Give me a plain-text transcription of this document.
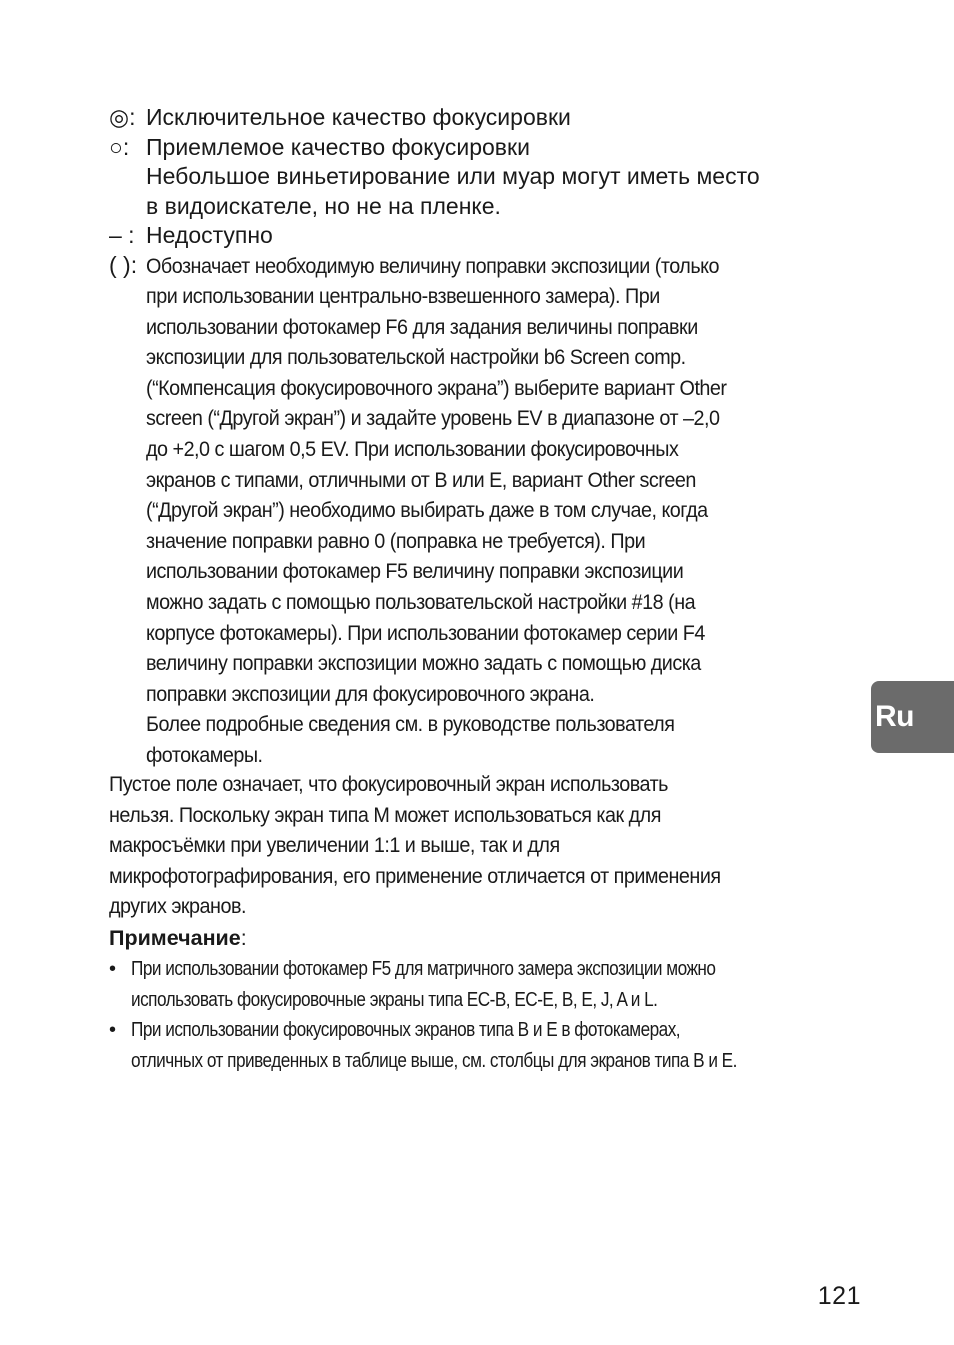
◎: Исключительное качество фокусировки
○: Приемлемое качество фокусировки
Небольшое виньетирование или муар могут иметь место
в видоискателе, но не на пленке.
– : Недоступно
( ): Обозначает необходимую величину поправки экспозиции (только
при использовании центрально-взвешенного замера). При
использовании фотокамер F6 для задания величины поправки
экспозиции для пользовательской настройки b6 Screen comp.
(“Компенсация фокусировочного экрана”) выберите вариант Other
screen (“Другой экран”) и задайте уровень EV в диапазоне от –2,0
до +2,0 с шагом 0,5 EV. При использовании фокусировочных
экранов с типами, отличными от B или E, вариант Other screen
(“Другой экран”) необходимо выбирать даже в том случае, когда
значение поправки равно 0 (поправка не требуется). При
использовании фотокамер F5 величину поправки экспозиции
можно задать с помощью пользовательской настройки #18 (на
корпусе фотокамеры). При использовании фотокамер серии F4
величину поправки экспозиции можно задать с помощью диска
поправки экспозиции для фокусировочного экрана.
Более подробные сведения см. в руководстве пользователя
фотокамеры.
Пустое поле означает, что фокусировочный экран использовать
нельзя. Поскольку экран типа M может использоваться как для
макросъёмки при увеличении 1:1 и выше, так и для
микрофотографирования, его применение отличается от применения
других экранов.
Примечание:
• При использовании фотокамер F5 для матричного замера экспозиции можно
использовать фокусировочные экраны типа EC-B, EC-E, B, E, J, A и L.
• При использовании фокусировочных экранов типа B и E в фотокамерах,
отличных от приведенных в таблице выше, см. столбцы для экранов типа B и E.
Ru
121
